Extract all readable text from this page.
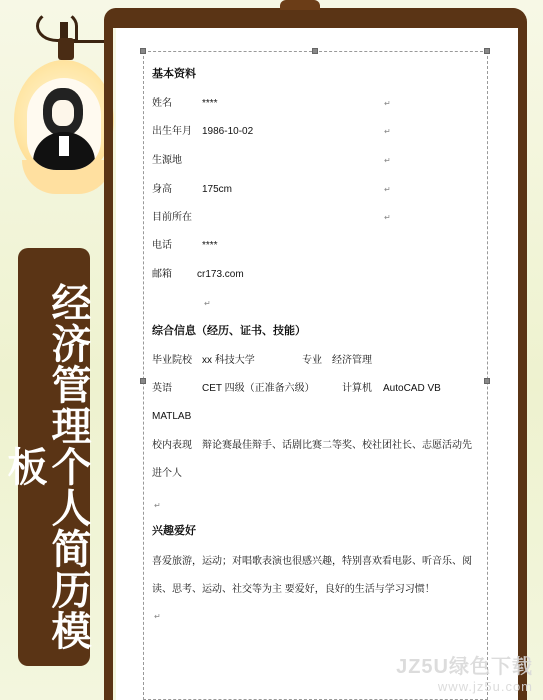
经济管理个人简历模板
基本资料
姓名	****
出生年月 1986-10-02
生源地
身高	175cm
目前所在
电话	****
邮箱	cr173.com
综合信息（经历、证书、技能）
毕业院校 xx 科技大学	专业 经济管理
英语	CET 四级（正准备六级）	计算机 AutoCAD VB
MATLAB
校内表现 辩论赛最佳辩手、话剧比赛二等奖、校社团社长、志愿活动先
进个人
兴趣爱好
喜爱旅游，运动；对唱歌表演也很感兴趣，特别喜欢看电影、听音乐、阅
读、思考、运动、社交等为主 要爱好，良好的生活与学习习惯！
↵
↵
↵
↵
↵
↵
↵
↵
JZ5U绿色下载
www.jz5u.com
